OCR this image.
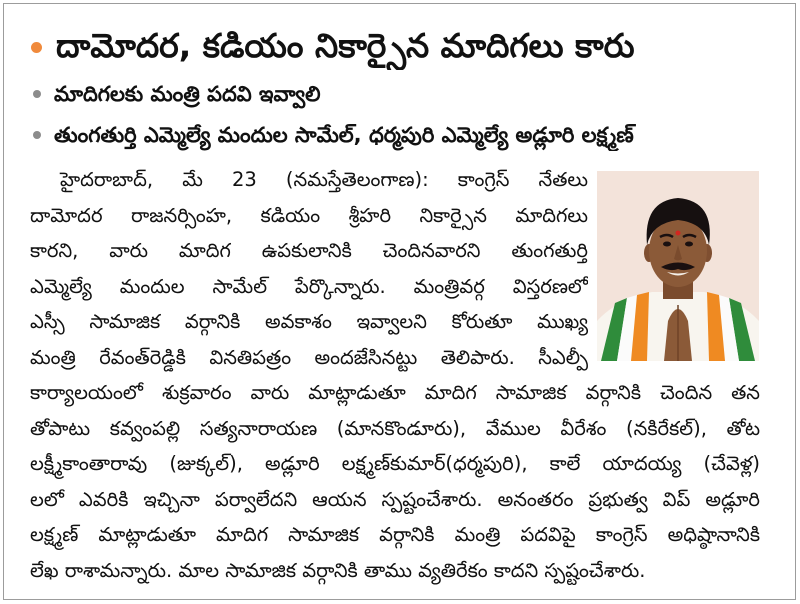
దామోదర, కడియం నికార్సైన మాదిగలు కారు
మాదిగలకు మంత్రి పదవి ఇవ్వాలి
తుంగతుర్తి ఎమ్మెల్యే మందుల సామేల్, ధర్మపురి ఎమ్మెల్యే అడ్లూరి లక్ష్మణ్
హైదరాబాద్, మే 23 (నమస్తేతెలంగాణ): కాంగ్రెస్ నేతలు
దామోదర రాజనర్సింహ, కడియం శ్రీహరి నికార్సైన మాదిగలు
కారని, వారు మాదిగ ఉపకులానికి చెందినవారని తుంగతుర్తి
ఎమ్మెల్యే మందుల సామేల్ పేర్కొన్నారు. మంత్రివర్గ విస్తరణలో
ఎస్సీ సామాజిక వర్గానికి అవకాశం ఇవ్వాలని కోరుతూ ముఖ్య
మంత్రి రేవంత్‌రెడ్డికి వినతిపత్రం అందజేసినట్టు తెలిపారు. సీఎల్పీ
కార్యాలయంలో శుక్రవారం వారు మాట్లాడుతూ మాదిగ సామాజిక వర్గానికి చెందిన తన
తోపాటు కవ్వంపల్లి సత్యనారాయణ (మానకొండూరు), వేముల వీరేశం (నకిరేకల్), తోట
లక్ష్మీకాంతారావు (జుక్కల్), అడ్లూరి లక్ష్మణ్‌కుమార్(ధర్మపురి), కాలే యాదయ్య (చేవెళ్ల)
లలో ఎవరికి ఇచ్చినా పర్వాలేదని ఆయన స్పష్టంచేశారు. అనంతరం ప్రభుత్వ విప్ అడ్లూరి
లక్ష్మణ్ మాట్లాడుతూ మాదిగ సామాజిక వర్గానికి మంత్రి పదవిపై కాంగ్రెస్ అధిష్ఠానానికి
లేఖ రాశామన్నారు. మాల సామాజిక వర్గానికి తాము వ్యతిరేకం కాదని స్పష్టంచేశారు.
